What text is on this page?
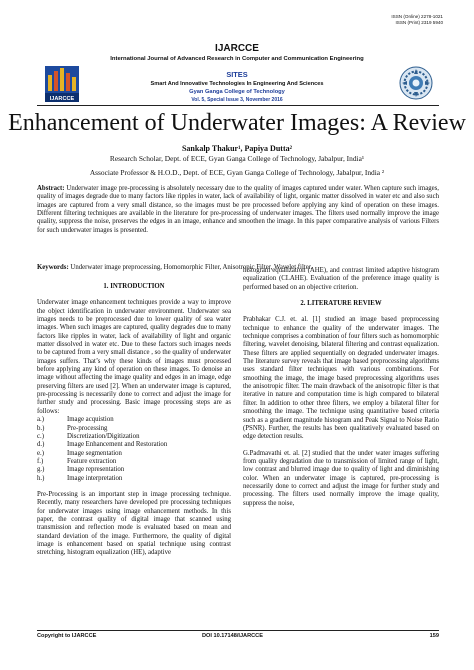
ISSN (Online) 2278-1021
ISSN (Print) 2319 5940
IJARCCE
International Journal of Advanced Research in Computer and Communication Engineering
IJARCCE
SITES
Smart And Innovative Technologies In Engineering And Sciences
Gyan Ganga College of Technology
Vol. 5, Special Issue 3, November 2016
Enhancement of Underwater Images: A Review
Sankalp Thakur¹, Papiya Dutta²
Research Scholar, Dept. of ECE, Gyan Ganga College of Technology, Jabalpur, India¹
Associate Professor & H.O.D., Dept. of ECE, Gyan Ganga College of Technology, Jabalpur, India ²
Abstract: Underwater image pre-processing is absolutely necessary due to the quality of images captured under water. When capture such images, quality of images degrade due to many factors like ripples in water, lack of availability of light, organic matter dissolved in water etc and also such images are captured from a very small distance, so the images must be pre processed before applying any kind of operation on these images. Different filtering techniques are available in the literature for pre-processing of underwater images. The filters used normally improve the image quality, suppress the noise, preserves the edges in an image, enhance and smoothen the image. In this paper comparative analysis of various Filters for such underwater images is presented.
Keywords: Underwater image preprocessing, Homomorphic Filter, Anisotropic Filter, Wavelet filter.

1. INTRODUCTION

Underwater image enhancement techniques provide a way to improve the object identification in underwater environment. Underwater sea images needs to be preprocessed due to lower quality of sea water images. When such images are captured, quality degrades due to many factors like ripples in water, lack of availability of light and organic matter dissolved in water etc. Due to these factors such images needs to be captured from a very small distance , so the quality of underwater images suffers. That’s why these kinds of images must processed before applying any kind of operation on these images. To denoise an image without affecting the image quality and edges in an image, edge preserving filters are used [2]. When an underwater image is captured, pre-processing is necessarily done to correct and adjust the image for further study and processing. Basic image processing steps are as follows:

a.)	Image acquistion
b.)	Pre-processing
c.)	Discretization/Digitization
d.)	Image Enhancement and Restoration
e.)	Image segmentation
f.)	Feature extraction
g.)	Image representation
h.)	Image interpretation

Pre-Processing is an important step in image processing technique. Recently, many researchers have developed pre processing techniques for underwater images using image enhancement methods. In this paper, the contrast quality of digital image that scanned using transmission and reflection mode is evaluated based on mean and standard deviation of the image. Furthermore, the quality of digital image is enhancement based on spatial technique using contrast stretching, histogram equalization (HE), adaptive

histogram equalization (AHE), and contrast limited adaptive histogram equalization (CLAHE). Evaluation of the preference image quality is performed based on an objective criterion.

2. LITERATURE REVIEW

Prabhakar C.J. et. al. [1] studied an image based preprocessing technique to enhance the quality of the underwater images. The technique comprises a combination of four filters such as homomorphic filtering, wavelet denoising, bilateral filtering and contrast equalization. These filters are applied sequentially on degraded underwater images. The literature survey reveals that image based preprocessing algorithms uses standard filter techniques with various combinations. For smoothing the image, the image based preprocessing algorithms uses the anisotropic filter. The main drawback of the anisotropic filter is that iterative in nature and computation time is high compared to bilateral filter. In addition to other three filters, we employ a bilateral filter for smoothing the image. The technique using quantitative based criteria such as a gradient magnitude histogram and Peak Signal to Noise Ratio (PSNR). Further, the results has been qualitatively evaluated based on edge detection results.

G.Padmavathi et. al. [2] studied that the under water images suffering from quality degradation due to transmission of limited range of light, low contrast and blurred image due to quality of light and diminishing color. When an underwater image is captured, pre-processing is necessarily done to correct and adjust the image for further study and processing. The filters used normally improve the image quality, suppress the noise,

Copyright to IJARCCE	DOI 10.17148/IJARCCE	159
